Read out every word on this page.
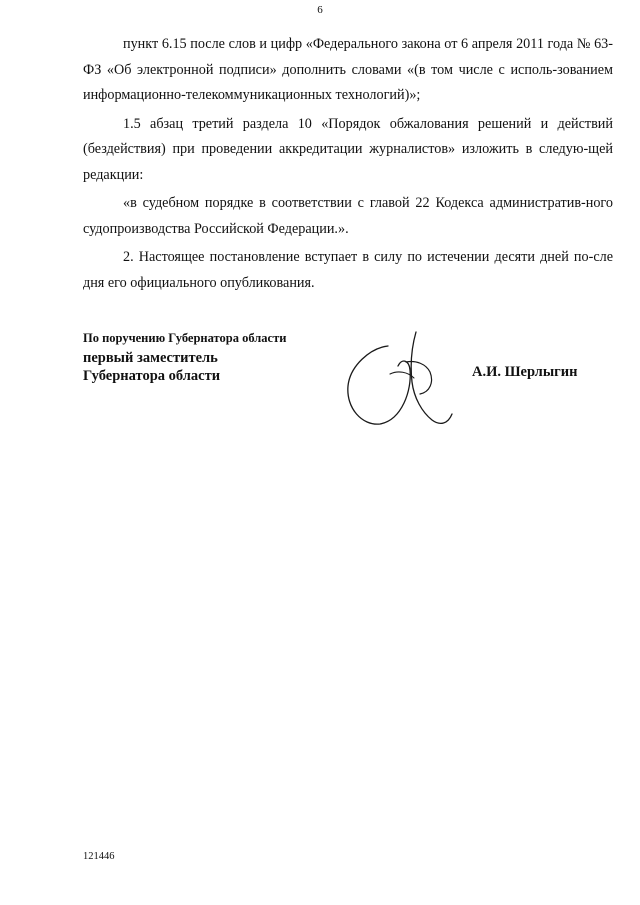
6

пункт 6.15 после слов и цифр «Федерального закона от 6 апреля 2011 года № 63-ФЗ «Об электронной подписи» дополнить словами «(в том числе с исполь-зованием информационно-телекоммуникационных технологий)»;

1.5 абзац третий раздела 10 «Порядок обжалования решений и действий (бездействия) при проведении аккредитации журналистов» изложить в следую-щей редакции:

«в судебном порядке в соответствии с главой 22 Кодекса административ-ного судопроизводства Российской Федерации.».

2. Настоящее постановление вступает в силу по истечении десяти дней по-сле дня его официального опубликования.

По поручению Губернатора области
первый заместитель
Губернатора области	А.И. Шерлыгин
121446
